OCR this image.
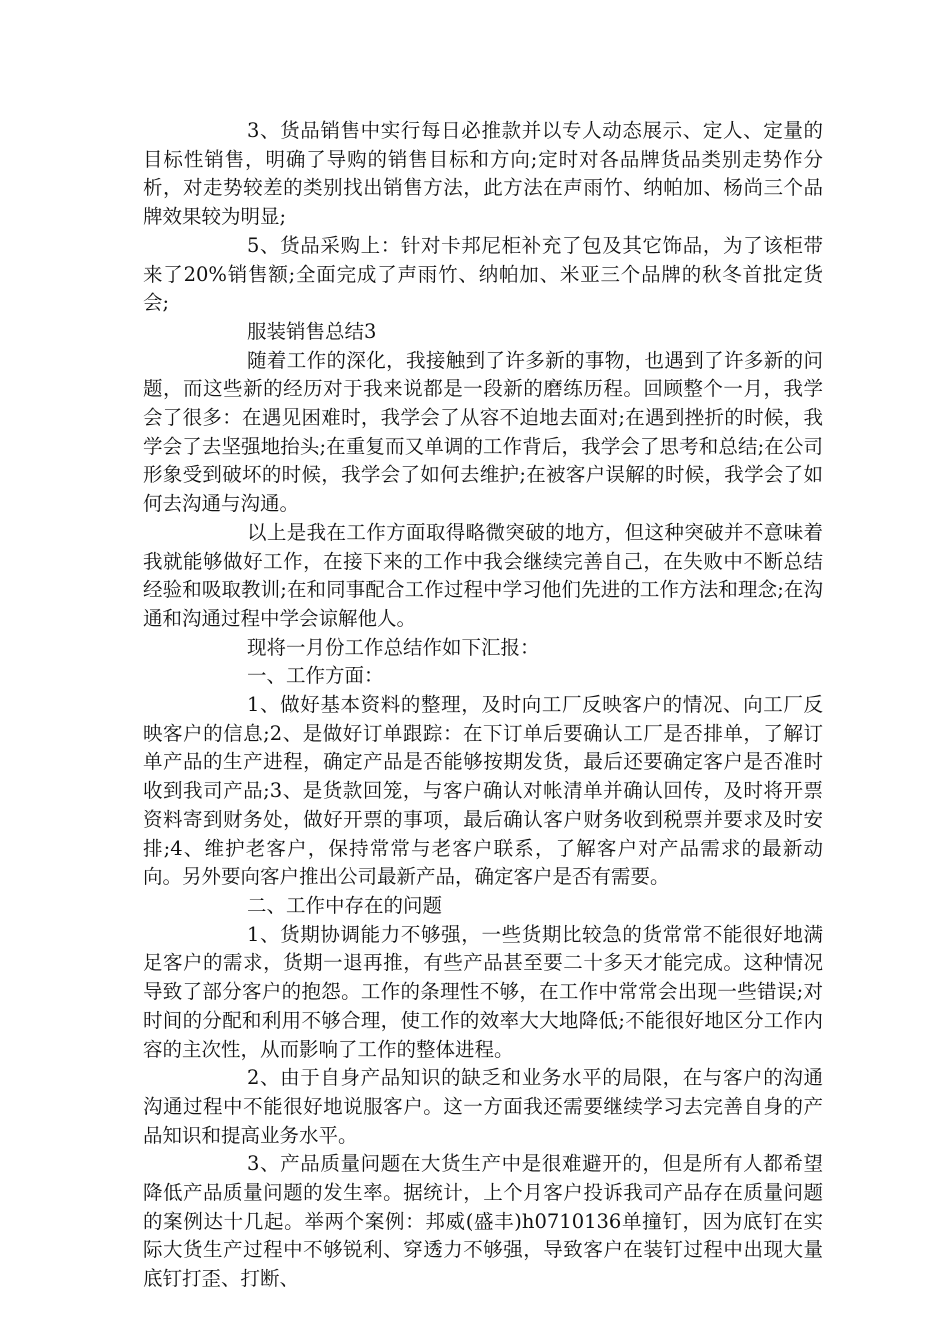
3、货品销售中实行每日必推款并以专人动态展示、定人、定量的目标性销售，明确了导购的销售目标和方向;定时对各品牌货品类别走势作分析，对走势较差的类别找出销售方法，此方法在声雨竹、纳帕加、杨尚三个品牌效果较为明显;

5、货品采购上：针对卡邦尼柜补充了包及其它饰品，为了该柜带来了20%销售额;全面完成了声雨竹、纳帕加、米亚三个品牌的秋冬首批定货会;

服装销售总结3

随着工作的深化，我接触到了许多新的事物，也遇到了许多新的问题，而这些新的经历对于我来说都是一段新的磨练历程。回顾整个一月，我学会了很多：在遇见困难时，我学会了从容不迫地去面对;在遇到挫折的时候，我学会了去坚强地抬头;在重复而又单调的工作背后，我学会了思考和总结;在公司形象受到破坏的时候，我学会了如何去维护;在被客户误解的时候，我学会了如何去沟通与沟通。

以上是我在工作方面取得略微突破的地方，但这种突破并不意味着我就能够做好工作，在接下来的工作中我会继续完善自己，在失败中不断总结经验和吸取教训;在和同事配合工作过程中学习他们先进的工作方法和理念;在沟通和沟通过程中学会谅解他人。

现将一月份工作总结作如下汇报：

一、工作方面：

1、做好基本资料的整理，及时向工厂反映客户的情况、向工厂反映客户的信息;2、是做好订单跟踪：在下订单后要确认工厂是否排单，了解订单产品的生产进程，确定产品是否能够按期发货，最后还要确定客户是否准时收到我司产品;3、是货款回笼，与客户确认对帐清单并确认回传，及时将开票资料寄到财务处，做好开票的事项，最后确认客户财务收到税票并要求及时安排;4、维护老客户，保持常常与老客户联系，了解客户对产品需求的最新动向。另外要向客户推出公司最新产品，确定客户是否有需要。

二、工作中存在的问题

1、货期协调能力不够强，一些货期比较急的货常常不能很好地满足客户的需求，货期一退再推，有些产品甚至要二十多天才能完成。这种情况导致了部分客户的抱怨。工作的条理性不够，在工作中常常会出现一些错误;对时间的分配和利用不够合理，使工作的效率大大地降低;不能很好地区分工作内容的主次性，从而影响了工作的整体进程。

2、由于自身产品知识的缺乏和业务水平的局限，在与客户的沟通沟通过程中不能很好地说服客户。这一方面我还需要继续学习去完善自身的产品知识和提高业务水平。

3、产品质量问题在大货生产中是很难避开的，但是所有人都希望降低产品质量问题的发生率。据统计，上个月客户投诉我司产品存在质量问题的案例达十几起。举两个案例：邦威(盛丰)h0710136单撞钉，因为底钉在实际大货生产过程中不够锐利、穿透力不够强，导致客户在装钉过程中出现大量底钉打歪、打断、
